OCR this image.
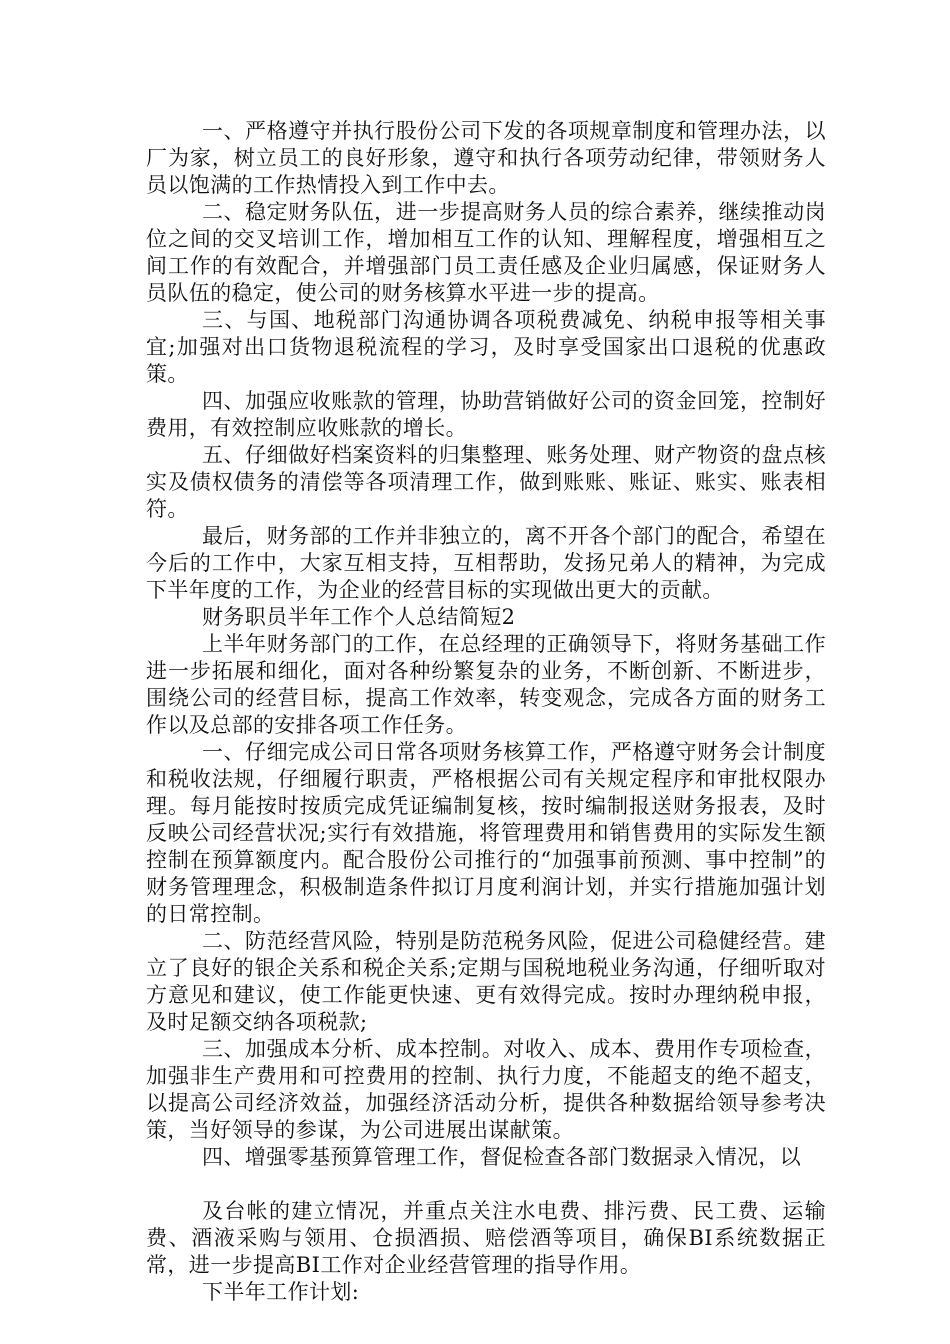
一、严格遵守并执行股份公司下发的各项规章制度和管理办法，以厂为家，树立员工的良好形象，遵守和执行各项劳动纪律，带领财务人员以饱满的工作热情投入到工作中去。

二、稳定财务队伍，进一步提高财务人员的综合素养，继续推动岗位之间的交叉培训工作，增加相互工作的认知、理解程度，增强相互之间工作的有效配合，并增强部门员工责任感及企业归属感，保证财务人员队伍的稳定，使公司的财务核算水平进一步的提高。

三、与国、地税部门沟通协调各项税费减免、纳税申报等相关事宜;加强对出口货物退税流程的学习，及时享受国家出口退税的优惠政策。

四、加强应收账款的管理，协助营销做好公司的资金回笼，控制好费用，有效控制应收账款的增长。

五、仔细做好档案资料的归集整理、账务处理、财产物资的盘点核实及债权债务的清偿等各项清理工作，做到账账、账证、账实、账表相符。

最后，财务部的工作并非独立的，离不开各个部门的配合，希望在今后的工作中，大家互相支持，互相帮助，发扬兄弟人的精神，为完成下半年度的工作，为企业的经营目标的实现做出更大的贡献。

财务职员半年工作个人总结简短2

上半年财务部门的工作，在总经理的正确领导下，将财务基础工作进一步拓展和细化，面对各种纷繁复杂的业务，不断创新、不断进步，围绕公司的经营目标，提高工作效率，转变观念，完成各方面的财务工作以及总部的安排各项工作任务。

一、仔细完成公司日常各项财务核算工作，严格遵守财务会计制度和税收法规，仔细履行职责，严格根据公司有关规定程序和审批权限办理。每月能按时按质完成凭证编制复核，按时编制报送财务报表，及时反映公司经营状况;实行有效措施，将管理费用和销售费用的实际发生额控制在预算额度内。配合股份公司推行的“加强事前预测、事中控制”的财务管理理念，积极制造条件拟订月度利润计划，并实行措施加强计划的日常控制。

二、防范经营风险，特别是防范税务风险，促进公司稳健经营。建立了良好的银企关系和税企关系;定期与国税地税业务沟通，仔细听取对方意见和建议，使工作能更快速、更有效得完成。按时办理纳税申报，及时足额交纳各项税款;

三、加强成本分析、成本控制。对收入、成本、费用作专项检查，加强非生产费用和可控费用的控制、执行力度，不能超支的绝不超支，以提高公司经济效益，加强经济活动分析，提供各种数据给领导参考决策，当好领导的参谋，为公司进展出谋献策。

四、增强零基预算管理工作，督促检查各部门数据录入情况，以

及台帐的建立情况，并重点关注水电费、排污费、民工费、运输费、酒液采购与领用、仓损酒损、赔偿酒等项目，确保BI系统数据正常，进一步提高BI工作对企业经营管理的指导作用。

下半年工作计划:
